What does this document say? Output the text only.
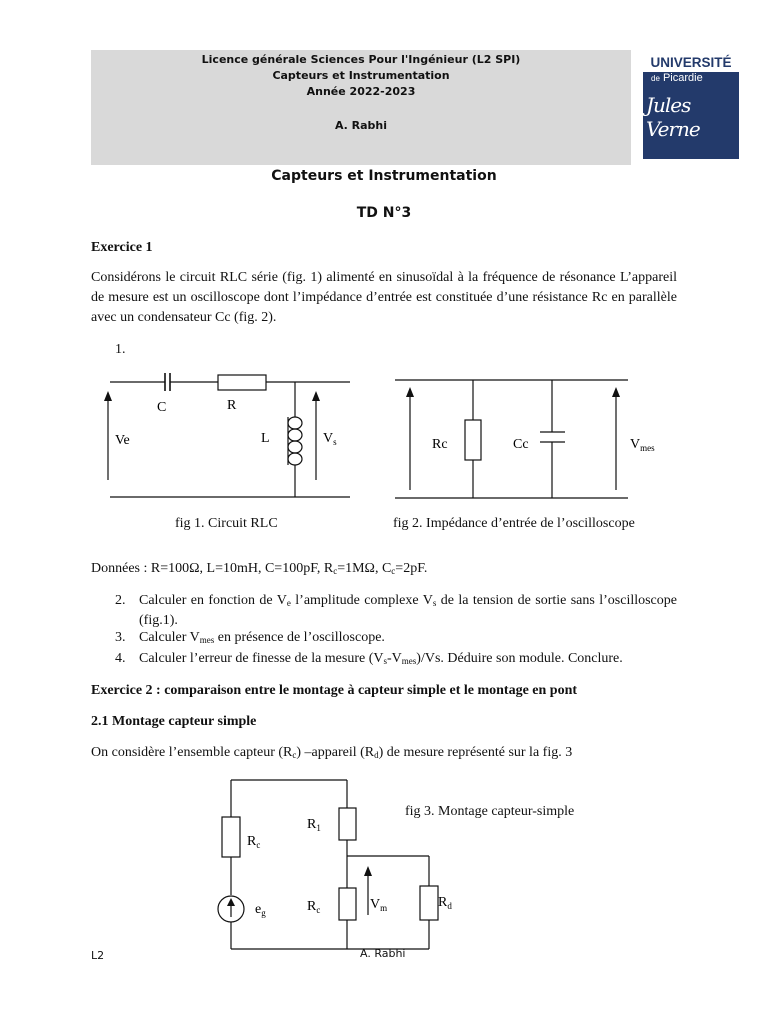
Licence générale Sciences Pour l'Ingénieur (L2 SPI)
Capteurs et Instrumentation
Année 2022-2023
A. Rabhi
UNIVERSITÉ
de Picardie
Jules Verne
Capteurs et Instrumentation
TD N°3
Exercice 1
Considérons le circuit RLC série (fig. 1) alimenté en sinusoïdal à la fréquence de résonance L’appareil de mesure est un oscilloscope dont l’impédance d’entrée est constituée d’une résistance Rc en parallèle avec un condensateur Cc (fig. 2).
1.
C	R
L
Ve	$V_s$
fig 1. Circuit RLC
Rc	Cc	$V_{mes}$
fig 2. Impédance d’entrée de l’oscilloscope
Données : R=100Ω, L=10mH, C=100pF, $R_c=1M\Omega$, $C_c=2pF$.
2. Calculer en fonction de $V_e$ l’amplitude complexe $V_s$ de la tension de sortie sans l’oscilloscope (fig.1).
3. Calculer $V_{mes}$ en présence de l’oscilloscope.
4. Calculer l’erreur de finesse de la mesure $(V_s-V_{mes})/Vs$. Déduire son module. Conclure.
Exercice 2 : comparaison entre le montage à capteur simple et le montage en pont
2.1 Montage capteur simple
On considère l’ensemble capteur $(R_c)$ –appareil $(R_d)$ de mesure représenté sur la fig. 3
$R_c$
$R_1$
$R_c$	$V_m$	$R_d$
$e_g$
fig 3. Montage capteur-simple
L2	A. Rabhi
